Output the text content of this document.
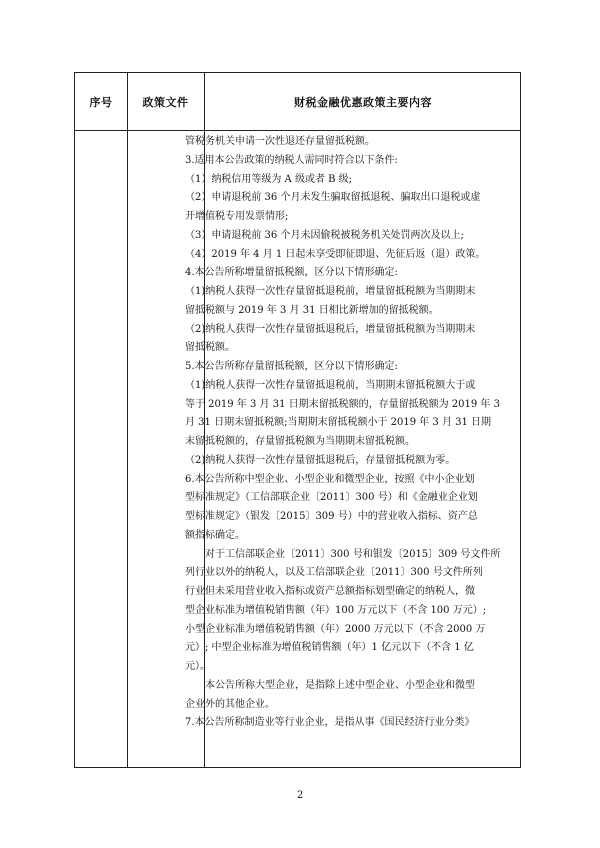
序号	政策文件	财税金融优惠政策主要内容

管税务机关申请一次性退还存量留抵税额。

3.适用本公告政策的纳税人需同时符合以下条件:

（1）纳税信用等级为 A 级或者 B 级;

（2）申请退税前 36 个月未发生骗取留抵退税、骗取出口退税或虚

开增值税专用发票情形;

（3）申请退税前 36 个月未因偷税被税务机关处罚两次及以上;

（4）2019 年 4 月 1 日起未享受即征即退、先征后返（退）政策。

4.本公告所称增量留抵税额，区分以下情形确定:

（1)纳税人获得一次性存量留抵退税前，增量留抵税额为当期期末

留抵税额与 2019 年 3 月 31 日相比新增加的留抵税额。

（2)纳税人获得一次性存量留抵退税后，增量留抵税额为当期期末

留抵税额。

5.本公告所称存量留抵税额，区分以下情形确定:

（1)纳税人获得一次性存量留抵退税前，当期期末留抵税额大于或

等于 2019 年 3 月 31 日期末留抵税额的，存量留抵税额为 2019 年 3

月 31 日期末留抵税额;当期期末留抵税额小于 2019 年 3 月 31 日期

末留抵税额的，存量留抵税额为当期期末留抵税额。

（2)纳税人获得一次性存量留抵退税后，存量留抵税额为零。

6.本公告所称中型企业、小型企业和微型企业，按照《中小企业划

型标准规定》（工信部联企业〔2011〕300 号）和《金融业企业划

型标准规定》（银发〔2015〕309 号）中的营业收入指标、资产总

额指标确定。

对于工信部联企业〔2011〕300 号和银发〔2015〕309 号文件所

列行业以外的纳税人，以及工信部联企业〔2011〕300 号文件所列

行业但未采用营业收入指标或资产总额指标划型确定的纳税人，微

型企业标准为增值税销售额（年）100 万元以下（不含 100 万元）;

小型企业标准为增值税销售额（年）2000 万元以下（不含 2000 万

元）; 中型企业标准为增值税销售额（年）1 亿元以下（不含 1 亿

元）。

本公告所称大型企业，是指除上述中型企业、小型企业和微型

企业外的其他企业。

7.本公告所称制造业等行业企业，是指从事《国民经济行业分类》

2
